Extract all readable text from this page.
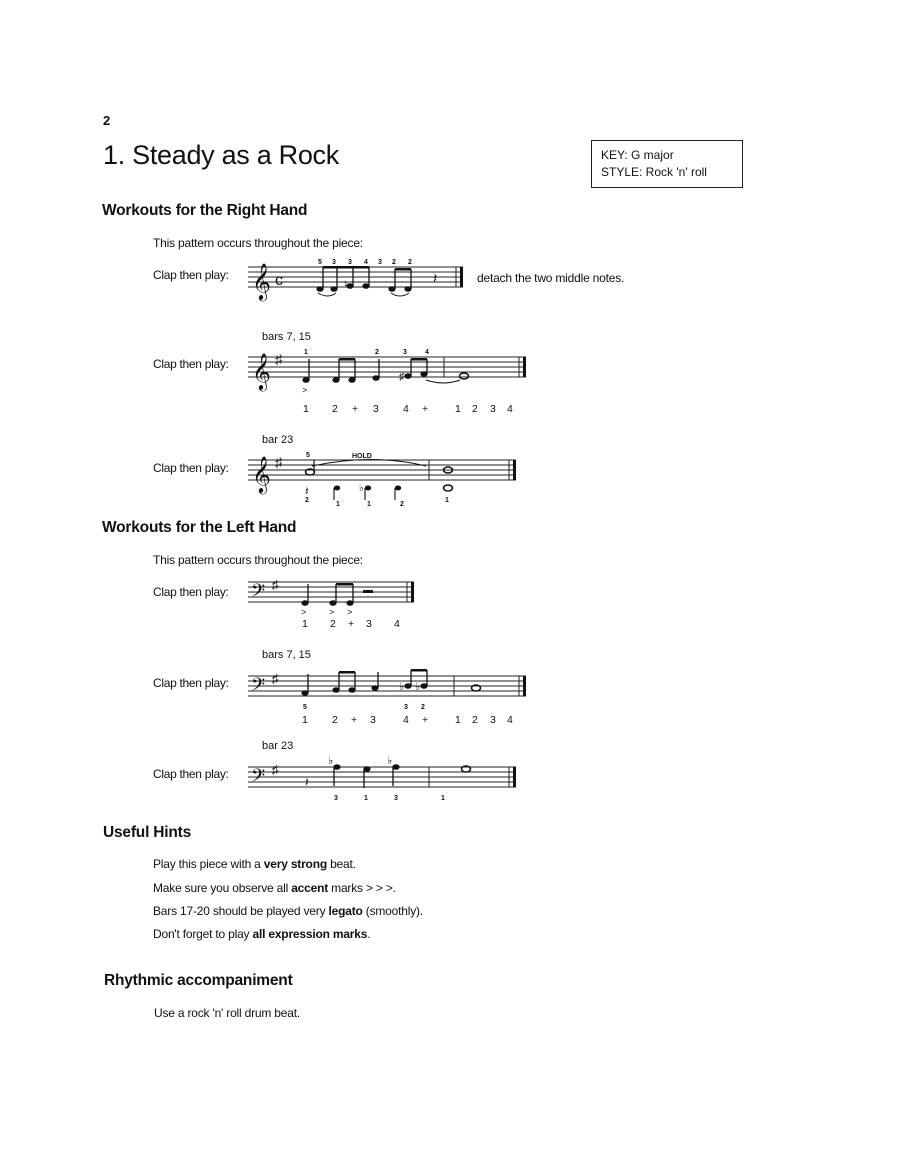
2
1. Steady as a Rock	KEY: G major
STYLE: Rock 'n' roll
Workouts for the Right Hand
This pattern occurs throughout the piece:
Clap then play: 𝄞 c	♮	𝄽
5 3 3 4 3 2 2
detach the two middle notes.
bars 7, 15
Clap then play: 𝄞 ♯
♯
>
1	2	3	4
1 2 + 3 4 +	1 2 3 4
bar 23
Clap then play: 𝄞 ♯
𝄽	♭
HOLD
5
2
1	1	2
1
Workouts for the Left Hand
This pattern occurs throughout the piece:
Clap then play: 𝄢 ♯
>	> >
1 2 + 3 4
bars 7, 15
Clap then play: 𝄢 ♯
♭ ♭
5	3 2
1 2 + 3	4 +	1 2 3 4
bar 23
Clap then play: 𝄢 ♯
𝄽
♭	♭
3	1	3	1
Useful Hints
Play this piece with a very strong beat.
Make sure you observe all accent marks > > >.
Bars 17-20 should be played very legato (smoothly).
Don't forget to play all expression marks.
Rhythmic accompaniment
Use a rock 'n' roll drum beat.
